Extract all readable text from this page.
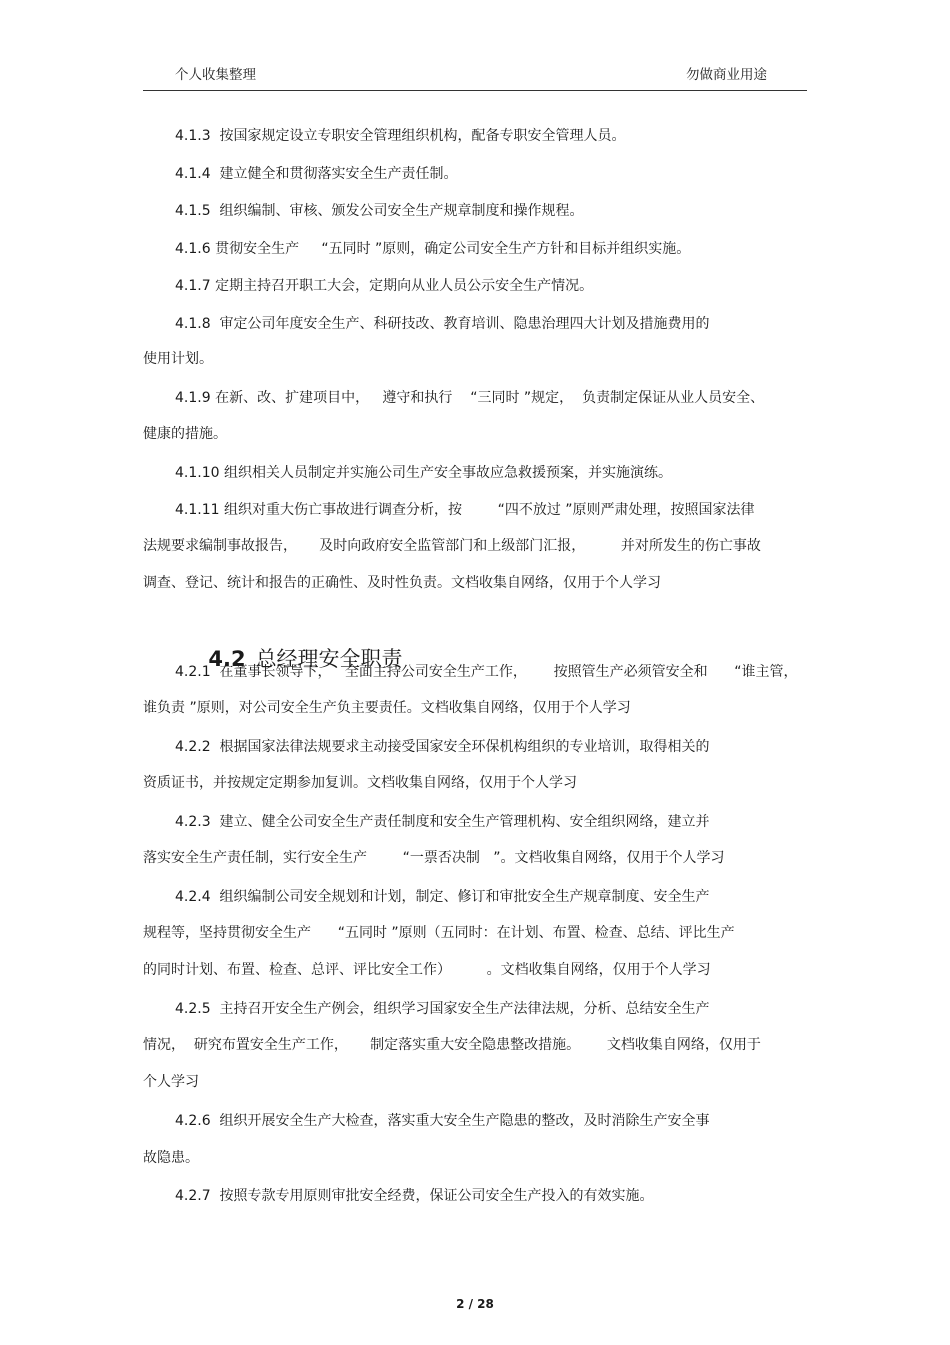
个人收集整理	勿做商业用途
4.1.3  按国家规定设立专职安全管理组织机构，配备专职安全管理人员。
4.1.4  建立健全和贯彻落实安全生产责任制。
4.1.5  组织编制、审核、颁发公司安全生产规章制度和操作规程。
4.1.6 贯彻安全生产     “五同时 ”原则，确定公司安全生产方针和目标并组织实施。
4.1.7 定期主持召开职工大会，定期向从业人员公示安全生产情况。
4.1.8  审定公司年度安全生产、科研技改、教育培训、隐患治理四大计划及措施费用的
使用计划。
4.1.9 在新、改、扩建项目中，   遵守和执行    “三同时 ”规定，  负责制定保证从业人员安全、
健康的措施。
4.1.10 组织相关人员制定并实施公司生产安全事故应急救援预案，并实施演练。
4.1.11 组织对重大伤亡事故进行调查分析，按        “四不放过 ”原则严肃处理，按照国家法律
法规要求编制事故报告，     及时向政府安全监管部门和上级部门汇报，        并对所发生的伤亡事故
调查、登记、统计和报告的正确性、及时性负责。文档收集自网络，仅用于个人学习

4.2 总经理安全职责

4.2.1  在董事长领导下，   全面主持公司安全生产工作，      按照管生产必须管安全和      “谁主管，
谁负责 ”原则，对公司安全生产负主要责任。文档收集自网络，仅用于个人学习
4.2.2  根据国家法律法规要求主动接受国家安全环保机构组织的专业培训，取得相关的
资质证书，并按规定定期参加复训。文档收集自网络，仅用于个人学习
4.2.3  建立、健全公司安全生产责任制度和安全生产管理机构、安全组织网络，建立并
落实安全生产责任制，实行安全生产        “一票否决制   ”。文档收集自网络，仅用于个人学习
4.2.4  组织编制公司安全规划和计划，制定、修订和审批安全生产规章制度、安全生产
规程等，坚持贯彻安全生产      “五同时 ”原则（五同时：在计划、布置、检查、总结、评比生产
的同时计划、布置、检查、总评、评比安全工作）        。文档收集自网络，仅用于个人学习
4.2.5  主持召开安全生产例会，组织学习国家安全生产法律法规，分析、总结安全生产
情况，  研究布置安全生产工作，     制定落实重大安全隐患整改措施。      文档收集自网络，仅用于
个人学习
4.2.6  组织开展安全生产大检查，落实重大安全生产隐患的整改，及时消除生产安全事
故隐患。
4.2.7  按照专款专用原则审批安全经费，保证公司安全生产投入的有效实施。
2 / 28
